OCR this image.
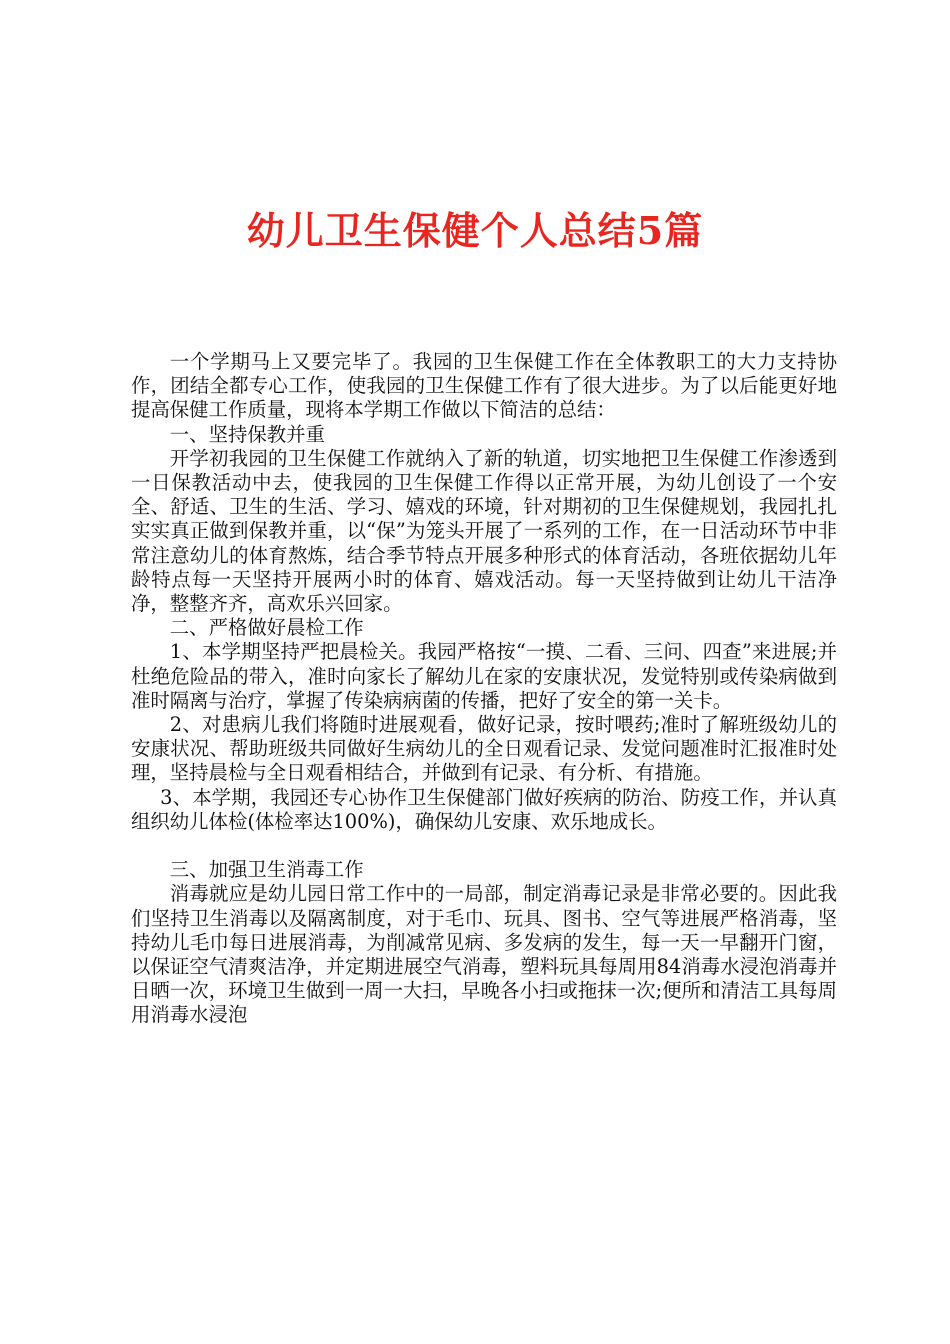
幼儿卫生保健个人总结5篇

一个学期马上又要完毕了。我园的卫生保健工作在全体教职工的大力支持协作，团结全都专心工作，使我园的卫生保健工作有了很大进步。为了以后能更好地提高保健工作质量，现将本学期工作做以下简洁的总结：

一、坚持保教并重

开学初我园的卫生保健工作就纳入了新的轨道，切实地把卫生保健工作渗透到一日保教活动中去，使我园的卫生保健工作得以正常开展，为幼儿创设了一个安全、舒适、卫生的生活、学习、嬉戏的环境，针对期初的卫生保健规划，我园扎扎实实真正做到保教并重，以“保”为笼头开展了一系列的工作，在一日活动环节中非常注意幼儿的体育熬炼，结合季节特点开展多种形式的体育活动，各班依据幼儿年龄特点每一天坚持开展两小时的体育、嬉戏活动。每一天坚持做到让幼儿干洁净净，整整齐齐，高欢乐兴回家。

二、严格做好晨检工作

1、本学期坚持严把晨检关。我园严格按“一摸、二看、三问、四查”来进展;并杜绝危险品的带入，准时向家长了解幼儿在家的安康状况，发觉特别或传染病做到准时隔离与治疗，掌握了传染病病菌的传播，把好了安全的第一关卡。

2、对患病儿我们将随时进展观看，做好记录，按时喂药;准时了解班级幼儿的安康状况、帮助班级共同做好生病幼儿的全日观看记录、发觉问题准时汇报准时处理，坚持晨检与全日观看相结合，并做到有记录、有分析、有措施。

3、本学期，我园还专心协作卫生保健部门做好疾病的防治、防疫工作，并认真组织幼儿体检(体检率达100%)，确保幼儿安康、欢乐地成长。

三、加强卫生消毒工作

消毒就应是幼儿园日常工作中的一局部，制定消毒记录是非常必要的。因此我们坚持卫生消毒以及隔离制度，对于毛巾、玩具、图书、空气等进展严格消毒，坚持幼儿毛巾每日进展消毒，为削减常见病、多发病的发生，每一天一早翻开门窗，以保证空气清爽洁净，并定期进展空气消毒，塑料玩具每周用84消毒水浸泡消毒并日晒一次，环境卫生做到一周一大扫，早晚各小扫或拖抹一次;便所和清洁工具每周用消毒水浸泡
